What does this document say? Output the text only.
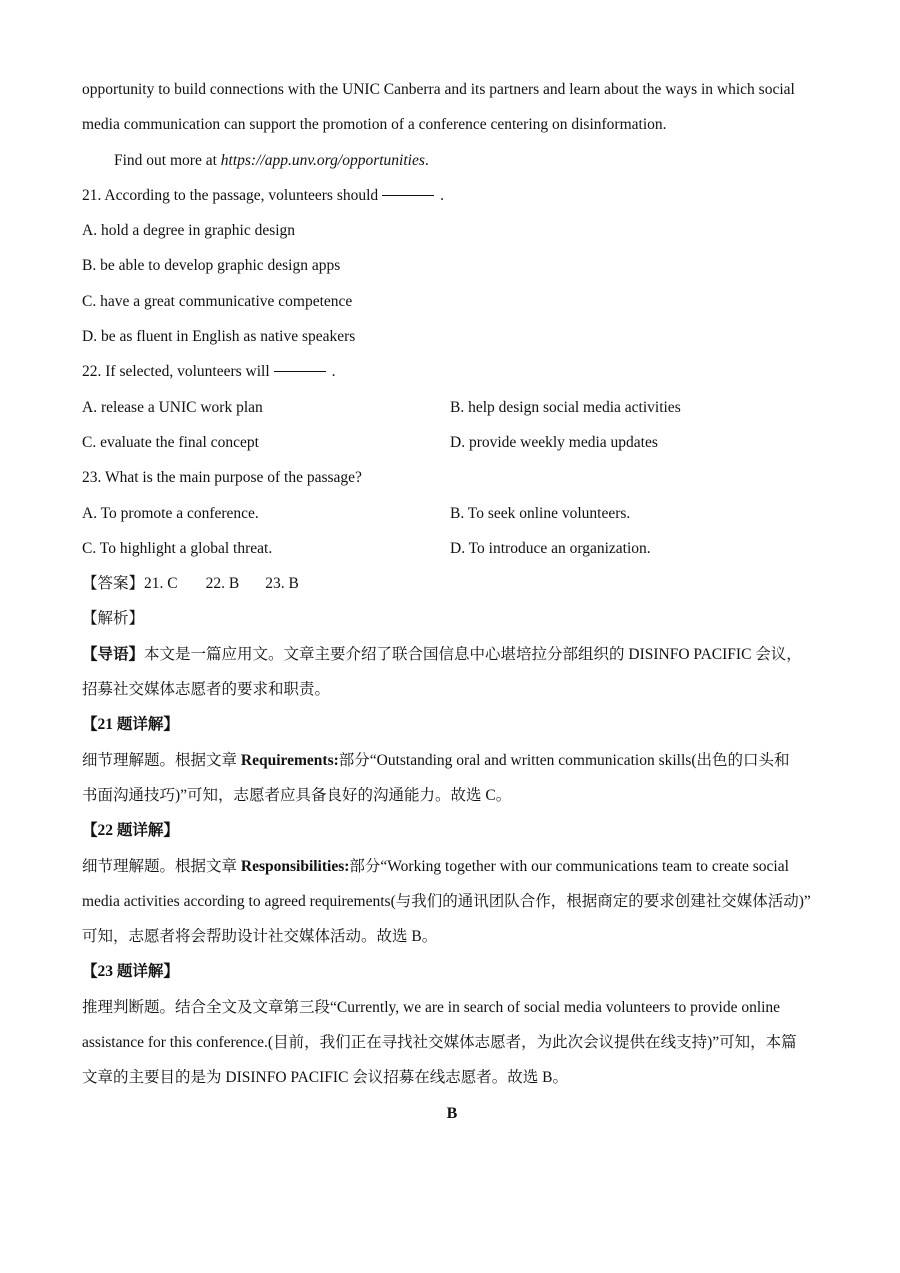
opportunity to build connections with the UNIC Canberra and its partners and learn about the ways in which social
media communication can support the promotion of a conference centering on disinformation.
Find out more at https://app.unv.org/opportunities.
21. According to the passage, volunteers should	.
A. hold a degree in graphic design
B. be able to develop graphic design apps
C. have a great communicative competence
D. be as fluent in English as native speakers
22. If selected, volunteers will	.
A. release a UNIC work plan	B. help design social media activities
C. evaluate the final concept	D. provide weekly media updates
23. What is the main purpose of the passage?
A. To promote a conference.	B. To seek online volunteers.
C. To highlight a global threat.	D. To introduce an organization.
【答案】21. C 22. B 23. B
【解析】
【导语】本文是一篇应用文。文章主要介绍了联合国信息中心堪培拉分部组织的 DISINFO PACIFIC 会议，
招募社交媒体志愿者的要求和职责。
【21 题详解】
细节理解题。根据文章 Requirements:部分“Outstanding oral and written communication skills(出色的口头和
书面沟通技巧)”可知，志愿者应具备良好的沟通能力。故选 C。
【22 题详解】
细节理解题。根据文章 Responsibilities:部分“Working together with our communications team to create social
media activities according to agreed requirements(与我们的通讯团队合作，根据商定的要求创建社交媒体活动)”
可知，志愿者将会帮助设计社交媒体活动。故选 B。
【23 题详解】
推理判断题。结合全文及文章第三段“Currently, we are in search of social media volunteers to provide online
assistance for this conference.(目前，我们正在寻找社交媒体志愿者，为此次会议提供在线支持)”可知，本篇
文章的主要目的是为 DISINFO PACIFIC 会议招募在线志愿者。故选 B。
B
